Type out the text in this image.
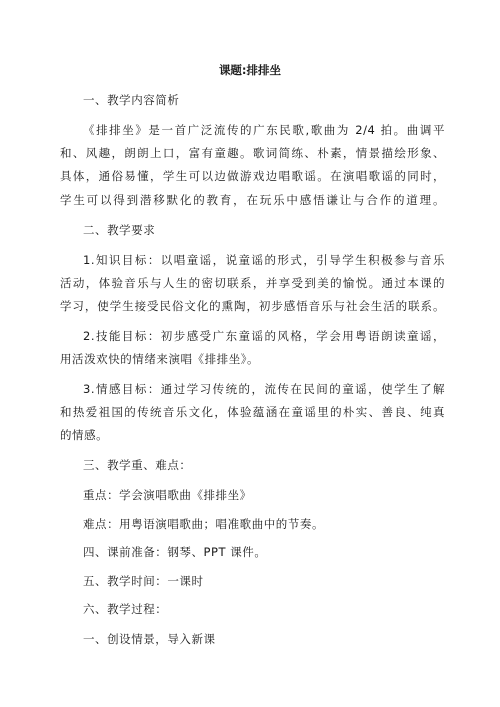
课题:排排坐
一、教学内容简析
《排排坐》是一首广泛流传的广东民歌,歌曲为 2/4 拍。曲调平
和、风趣，朗朗上口，富有童趣。歌词简练、朴素，情景描绘形象、
具体，通俗易懂，学生可以边做游戏边唱歌谣。在演唱歌谣的同时，
学生可以得到潜移默化的教育，在玩乐中感悟谦让与合作的道理。
二、教学要求
1.知识目标：以唱童谣，说童谣的形式，引导学生积极参与音乐
活动，体验音乐与人生的密切联系，并享受到美的愉悦。通过本课的
学习，使学生接受民俗文化的熏陶，初步感悟音乐与社会生活的联系。
2.技能目标：初步感受广东童谣的风格，学会用粤语朗读童谣，
用活泼欢快的情绪来演唱《排排坐》。
3.情感目标：通过学习传统的，流传在民间的童谣，使学生了解
和热爱祖国的传统音乐文化，体验蕴涵在童谣里的朴实、善良、纯真
的情感。
三、教学重、难点：
重点：学会演唱歌曲《排排坐》
难点：用粤语演唱歌曲；唱准歌曲中的节奏。
四、课前准备：钢琴、PPT 课件。
五、教学时间：一课时
六、教学过程：
一、创设情景，导入新课
